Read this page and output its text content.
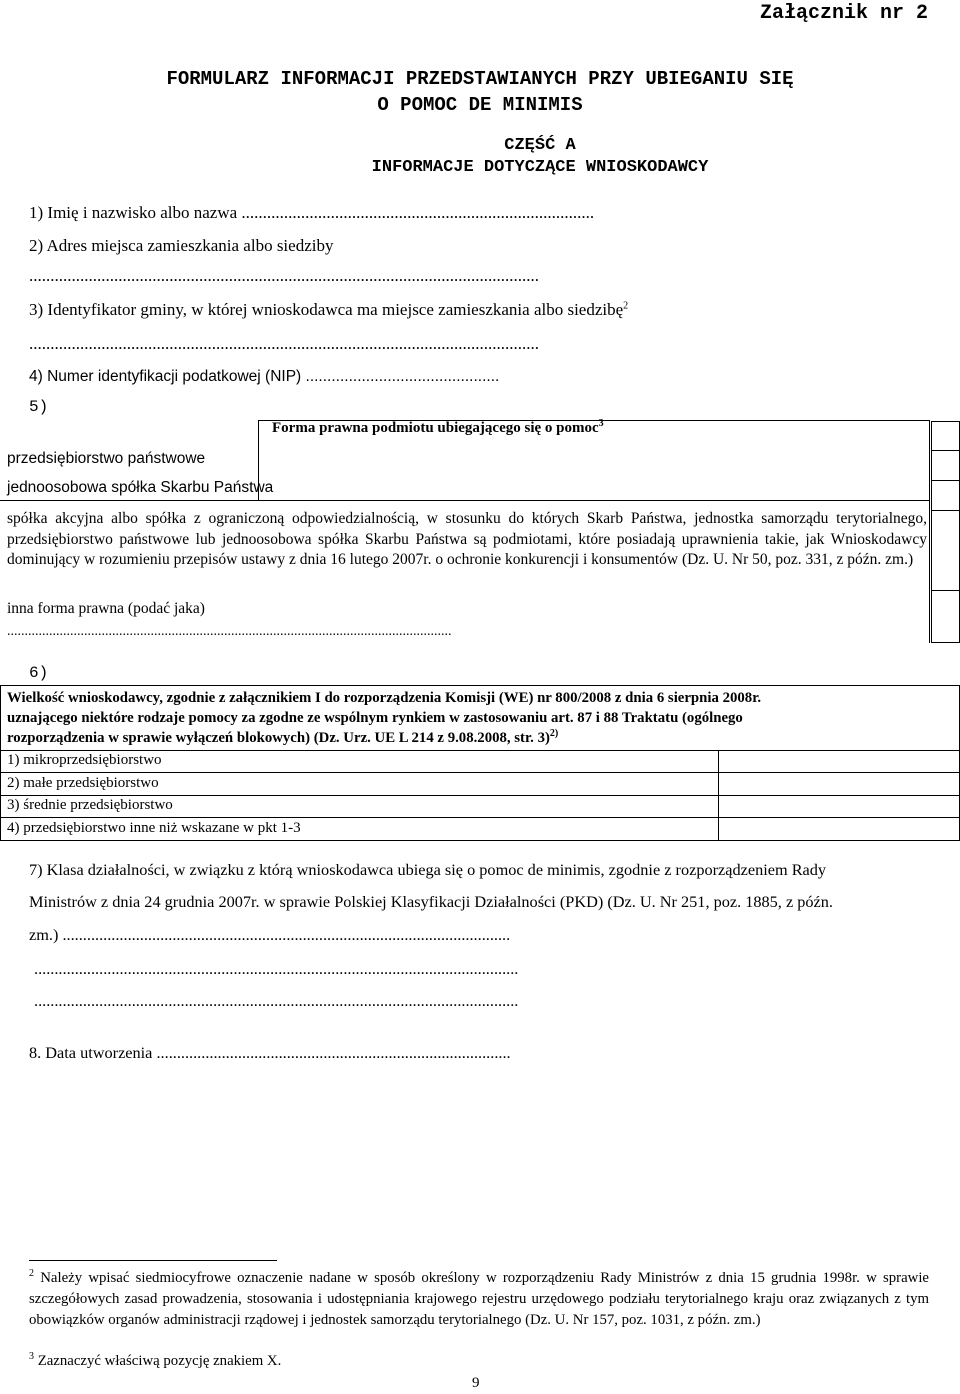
Załącznik nr 2
FORMULARZ INFORMACJI PRZEDSTAWIANYCH PRZY UBIEGANIU SIĘ
O POMOC DE MINIMIS
CZĘŚĆ A
INFORMACJE DOTYCZĄCE WNIOSKODAWCY
1) Imię i nazwisko albo nazwa ...................................................................................
2) Adres miejsca zamieszkania albo siedziby
........................................................................................................................
3) Identyfikator gminy, w której wnioskodawca ma miejsce zamieszkania albo siedzibę$^2$
........................................................................................................................
4) Numer identyfikacji podatkowej (NIP) .............................................
5)
Forma prawna podmiotu ubiegającego się o pomoc$^3$
przedsiębiorstwo państwowe
jednoosobowa spółka Skarbu Państwa
spółka akcyjna albo spółka z ograniczoną odpowiedzialnością, w stosunku do których Skarb Państwa, jednostka samorządu terytorialnego, przedsiębiorstwo państwowe lub jednoosobowa spółka Skarbu Państwa są podmiotami, które posiadają uprawnienia takie, jak Wnioskodawcy dominujący w rozumieniu przepisów ustawy z dnia 16 lutego 2007r. o ochronie konkurencji i konsumentów (Dz. U. Nr 50, poz. 331, z późn. zm.)
inna forma prawna (podać jaka)
...............................................................................................................................
6)
Wielkość wnioskodawcy, zgodnie z załącznikiem I do rozporządzenia Komisji (WE) nr 800/2008 z dnia 6 sierpnia 2008r.
uznającego niektóre rodzaje pomocy za zgodne ze wspólnym rynkiem w zastosowaniu art. 87 i 88 Traktatu (ogólnego
rozporządzenia w sprawie wyłączeń blokowych) (Dz. Urz. UE L 214 z 9.08.2008, str. 3)$^{2)}$
1) mikroprzedsiębiorstwo
2) małe przedsiębiorstwo
3) średnie przedsiębiorstwo
4) przedsiębiorstwo inne niż wskazane w pkt 1-3
7) Klasa działalności, w związku z którą wnioskodawca ubiega się o pomoc de minimis, zgodnie z rozporządzeniem Rady
Ministrów z dnia 24 grudnia 2007r. w sprawie Polskiej Klasyfikacji Działalności (PKD) (Dz. U. Nr 251, poz. 1885, z późn.
zm.) ..............................................................................................................
.......................................................................................................................
.......................................................................................................................
8. Data utworzenia .......................................................................................
$^2$ Należy wpisać siedmiocyfrowe oznaczenie nadane w sposób określony w rozporządzeniu Rady Ministrów z dnia 15 grudnia 1998r. w sprawie szczegółowych zasad prowadzenia, stosowania i udostępniania krajowego rejestru urzędowego podziału terytorialnego kraju oraz związanych z tym obowiązków organów administracji rządowej i jednostek samorządu terytorialnego (Dz. U. Nr 157, poz. 1031, z późn. zm.)
$^3$ Zaznaczyć właściwą pozycję znakiem X.
9
